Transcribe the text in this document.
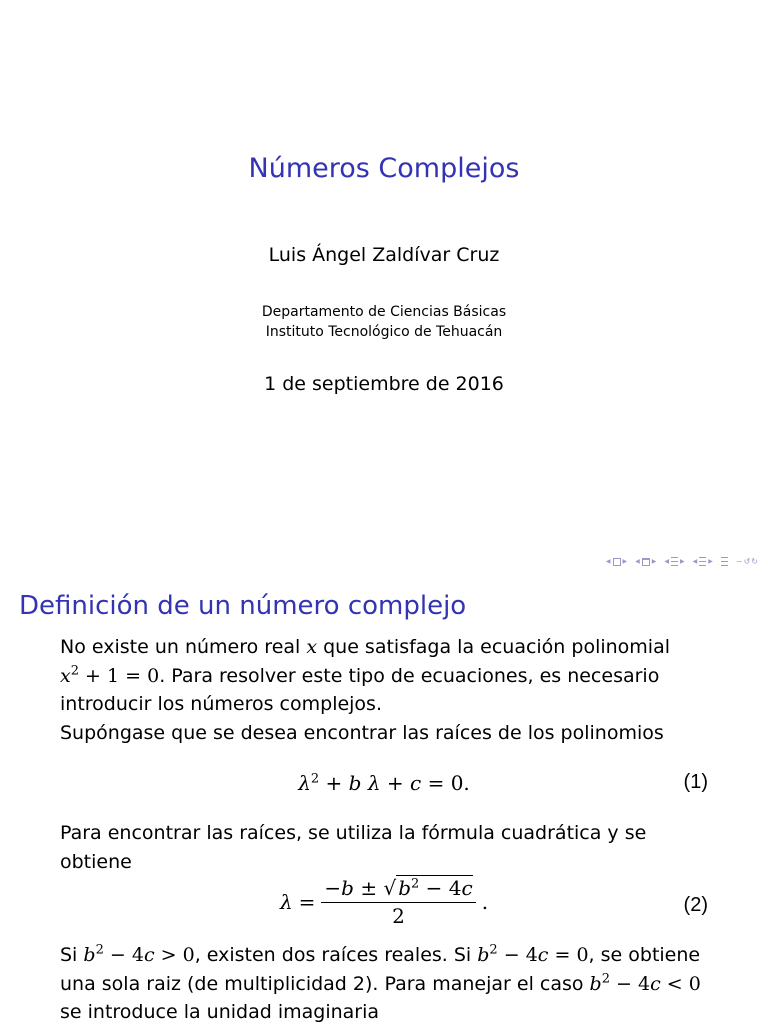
Números Complejos
Luis Ángel Zaldívar Cruz
Departamento de Ciencias Básicas
Instituto Tecnológico de Tehuacán
1 de septiembre de 2016
◀ ▶ ◀ ▶ ◀ ▶ ◀ ▶	∽↺↻
Definición de un número complejo
No existe un número real x que satisfaga la ecuación polinomial
$x^2 + 1 = 0$. Para resolver este tipo de ecuaciones, es necesario
introducir los números complejos.
Supóngase que se desea encontrar las raíces de los polinomios
$\lambda^2 + b$ λ + c = 0.	(1)
Para encontrar las raíces, se utiliza la fórmula cuadrática y se
obtiene
$\lambda = \frac{-b \pm √ b^2 - 4c}{2}$ .	(2)
Si $b^2 - 4c > 0$, existen dos raíces reales. Si $b^2 - 4c = 0$, se obtiene
una sola raiz (de multiplicidad 2). Para manejar el caso $b^2 - 4c < 0$
se introduce la unidad imaginaria
